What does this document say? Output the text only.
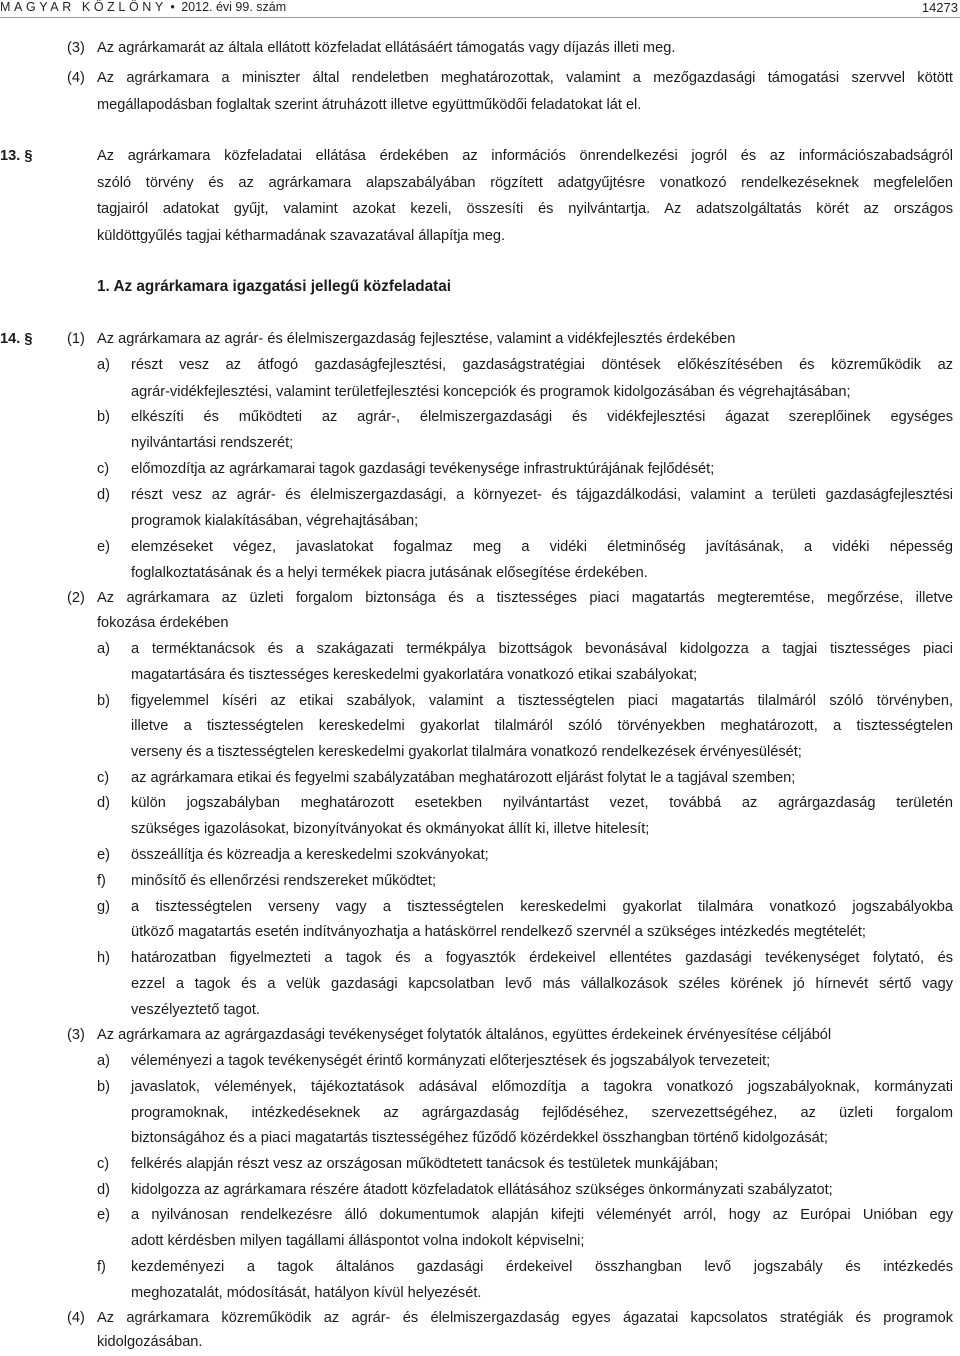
MAGYAR KÖZLÖNY • 2012. évi 99. szám	14273
(3) Az agrárkamarát az általa ellátott közfeladat ellátásáért támogatás vagy díjazás illeti meg.
(4) Az agrárkamara a miniszter által rendeletben meghatározottak, valamint a mezőgazdasági támogatási szervvel kötött
megállapodásban foglaltak szerint átruházott illetve együttműködői feladatokat lát el.
13. §	Az agrárkamara közfeladatai ellátása érdekében az információs önrendelkezési jogról és az információszabadságról
szóló törvény és az agrárkamara alapszabályában rögzített adatgyűjtésre vonatkozó rendelkezéseknek megfelelően
tagjairól adatokat gyűjt, valamint azokat kezeli, összesíti és nyilvántartja. Az adatszolgáltatás körét az országos
küldöttgyűlés tagjai kétharmadának szavazatával állapítja meg.
1. Az agrárkamara igazgatási jellegű közfeladatai
14. § (1) Az agrárkamara az agrár- és élelmiszergazdaság fejlesztése, valamint a vidékfejlesztés érdekében
a) részt vesz az átfogó gazdaságfejlesztési, gazdaságstratégiai döntések előkészítésében és közreműködik az
agrár-vidékfejlesztési, valamint területfejlesztési koncepciók és programok kidolgozásában és végrehajtásában;
b) elkészíti és működteti az agrár-, élelmiszergazdasági és vidékfejlesztési ágazat szereplőinek egységes
nyilvántartási rendszerét;
c) előmozdítja az agrárkamarai tagok gazdasági tevékenysége infrastruktúrájának fejlődését;
d) részt vesz az agrár- és élelmiszergazdasági, a környezet- és tájgazdálkodási, valamint a területi gazdaságfejlesztési
programok kialakításában, végrehajtásában;
e) elemzéseket végez, javaslatokat fogalmaz meg a vidéki életminőség javításának, a vidéki népesség
foglalkoztatásának és a helyi termékek piacra jutásának elősegítése érdekében.
(2) Az agrárkamara az üzleti forgalom biztonsága és a tisztességes piaci magatartás megteremtése, megőrzése, illetve
fokozása érdekében
a) a terméktanácsok és a szakágazati termékpálya bizottságok bevonásával kidolgozza a tagjai tisztességes piaci
magatartására és tisztességes kereskedelmi gyakorlatára vonatkozó etikai szabályokat;
b) figyelemmel kíséri az etikai szabályok, valamint a tisztességtelen piaci magatartás tilalmáról szóló törvényben,
illetve a tisztességtelen kereskedelmi gyakorlat tilalmáról szóló törvényekben meghatározott, a tisztességtelen
verseny és a tisztességtelen kereskedelmi gyakorlat tilalmára vonatkozó rendelkezések érvényesülését;
c) az agrárkamara etikai és fegyelmi szabályzatában meghatározott eljárást folytat le a tagjával szemben;
d) külön jogszabályban meghatározott esetekben nyilvántartást vezet, továbbá az agrárgazdaság területén
szükséges igazolásokat, bizonyítványokat és okmányokat állít ki, illetve hitelesít;
e) összeállítja és közreadja a kereskedelmi szokványokat;
f) minősítő és ellenőrzési rendszereket működtet;
g) a tisztességtelen verseny vagy a tisztességtelen kereskedelmi gyakorlat tilalmára vonatkozó jogszabályokba
ütköző magatartás esetén indítványozhatja a hatáskörrel rendelkező szervnél a szükséges intézkedés megtételét;
h) határozatban figyelmezteti a tagok és a fogyasztók érdekeivel ellentétes gazdasági tevékenységet folytató, és
ezzel a tagok és a velük gazdasági kapcsolatban levő más vállalkozások széles körének jó hírnevét sértő vagy
veszélyeztető tagot.
(3) Az agrárkamara az agrárgazdasági tevékenységet folytatók általános, együttes érdekeinek érvényesítése céljából
a) véleményezi a tagok tevékenységét érintő kormányzati előterjesztések és jogszabályok tervezeteit;
b) javaslatok, vélemények, tájékoztatások adásával előmozdítja a tagokra vonatkozó jogszabályoknak, kormányzati
programoknak, intézkedéseknek az agrárgazdaság fejlődéséhez, szervezettségéhez, az üzleti forgalom
biztonságához és a piaci magatartás tisztességéhez fűződő közérdekkel összhangban történő kidolgozását;
c) felkérés alapján részt vesz az országosan működtetett tanácsok és testületek munkájában;
d) kidolgozza az agrárkamara részére átadott közfeladatok ellátásához szükséges önkormányzati szabályzatot;
e) a nyilvánosan rendelkezésre álló dokumentumok alapján kifejti véleményét arról, hogy az Európai Unióban egy
adott kérdésben milyen tagállami álláspontot volna indokolt képviselni;
f) kezdeményezi a tagok általános gazdasági érdekeivel összhangban levő jogszabály és intézkedés
meghozatalát, módosítását, hatályon kívül helyezését.
(4) Az agrárkamara közreműködik az agrár- és élelmiszergazdaság egyes ágazatai kapcsolatos stratégiák és programok
kidolgozásában.
